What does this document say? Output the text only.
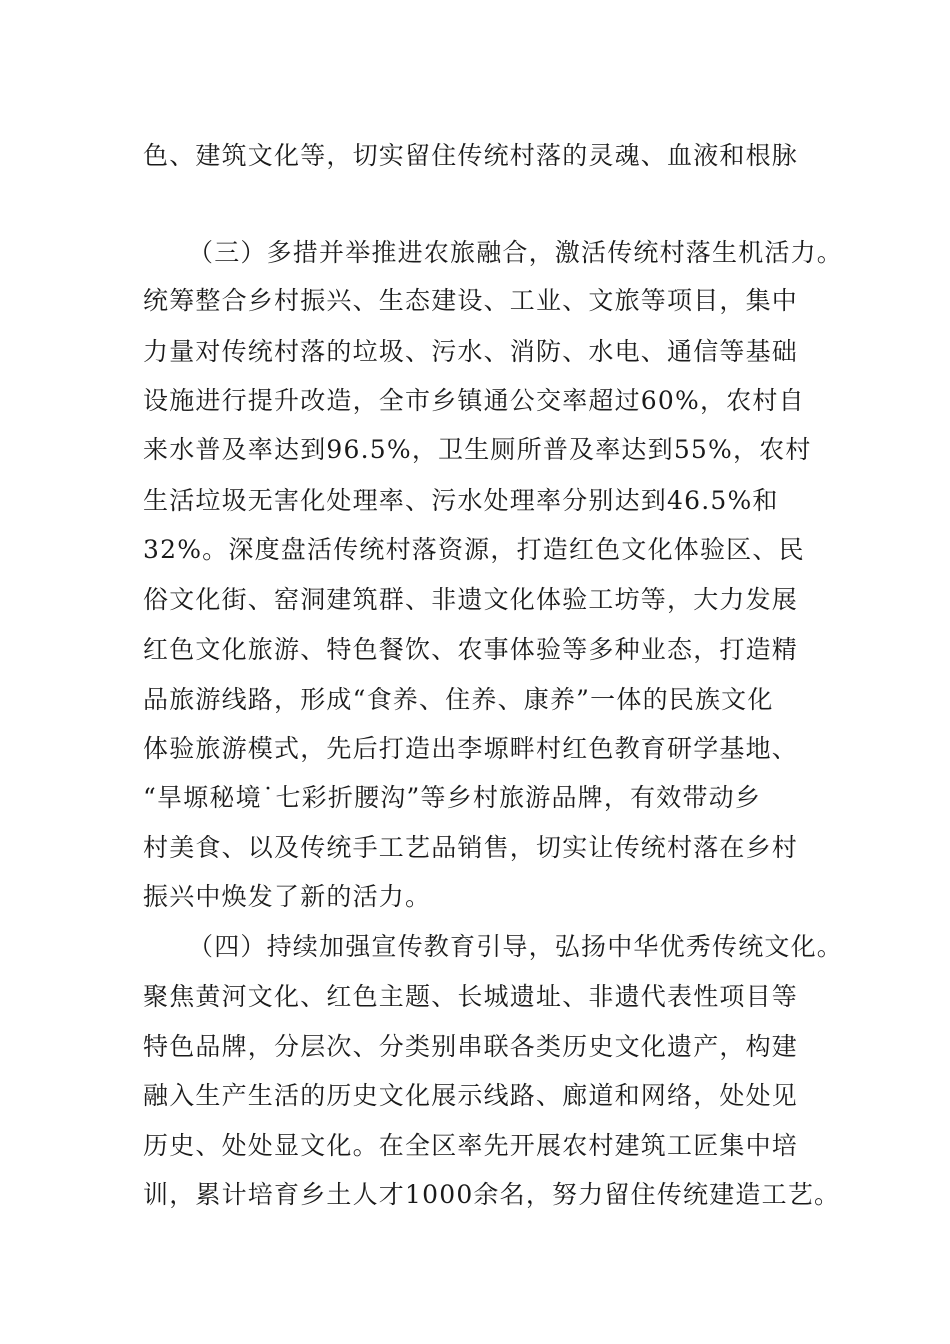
色、建筑文化等，切实留住传统村落的灵魂、血液和根脉
（三）多措并举推进农旅融合，激活传统村落生机活力。
统筹整合乡村振兴、生态建设、工业、文旅等项目，集中
力量对传统村落的垃圾、污水、消防、水电、通信等基础
设施进行提升改造，全市乡镇通公交率超过60%，农村自
来水普及率达到96.5%，卫生厕所普及率达到55%，农村
生活垃圾无害化处理率、污水处理率分别达到46.5%和
32%。深度盘活传统村落资源，打造红色文化体验区、民
俗文化街、窑洞建筑群、非遗文化体验工坊等，大力发展
红色文化旅游、特色餐饮、农事体验等多种业态，打造精
品旅游线路，形成“食养、住养、康养”一体的民族文化
体验旅游模式，先后打造出李塬畔村红色教育研学基地、
“旱塬秘境˙七彩折腰沟”等乡村旅游品牌，有效带动乡
村美食、以及传统手工艺品销售，切实让传统村落在乡村
振兴中焕发了新的活力。
（四）持续加强宣传教育引导，弘扬中华优秀传统文化。
聚焦黄河文化、红色主题、长城遗址、非遗代表性项目等
特色品牌，分层次、分类别串联各类历史文化遗产，构建
融入生产生活的历史文化展示线路、廊道和网络，处处见
历史、处处显文化。在全区率先开展农村建筑工匠集中培
训，累计培育乡土人才1000余名，努力留住传统建造工艺。
